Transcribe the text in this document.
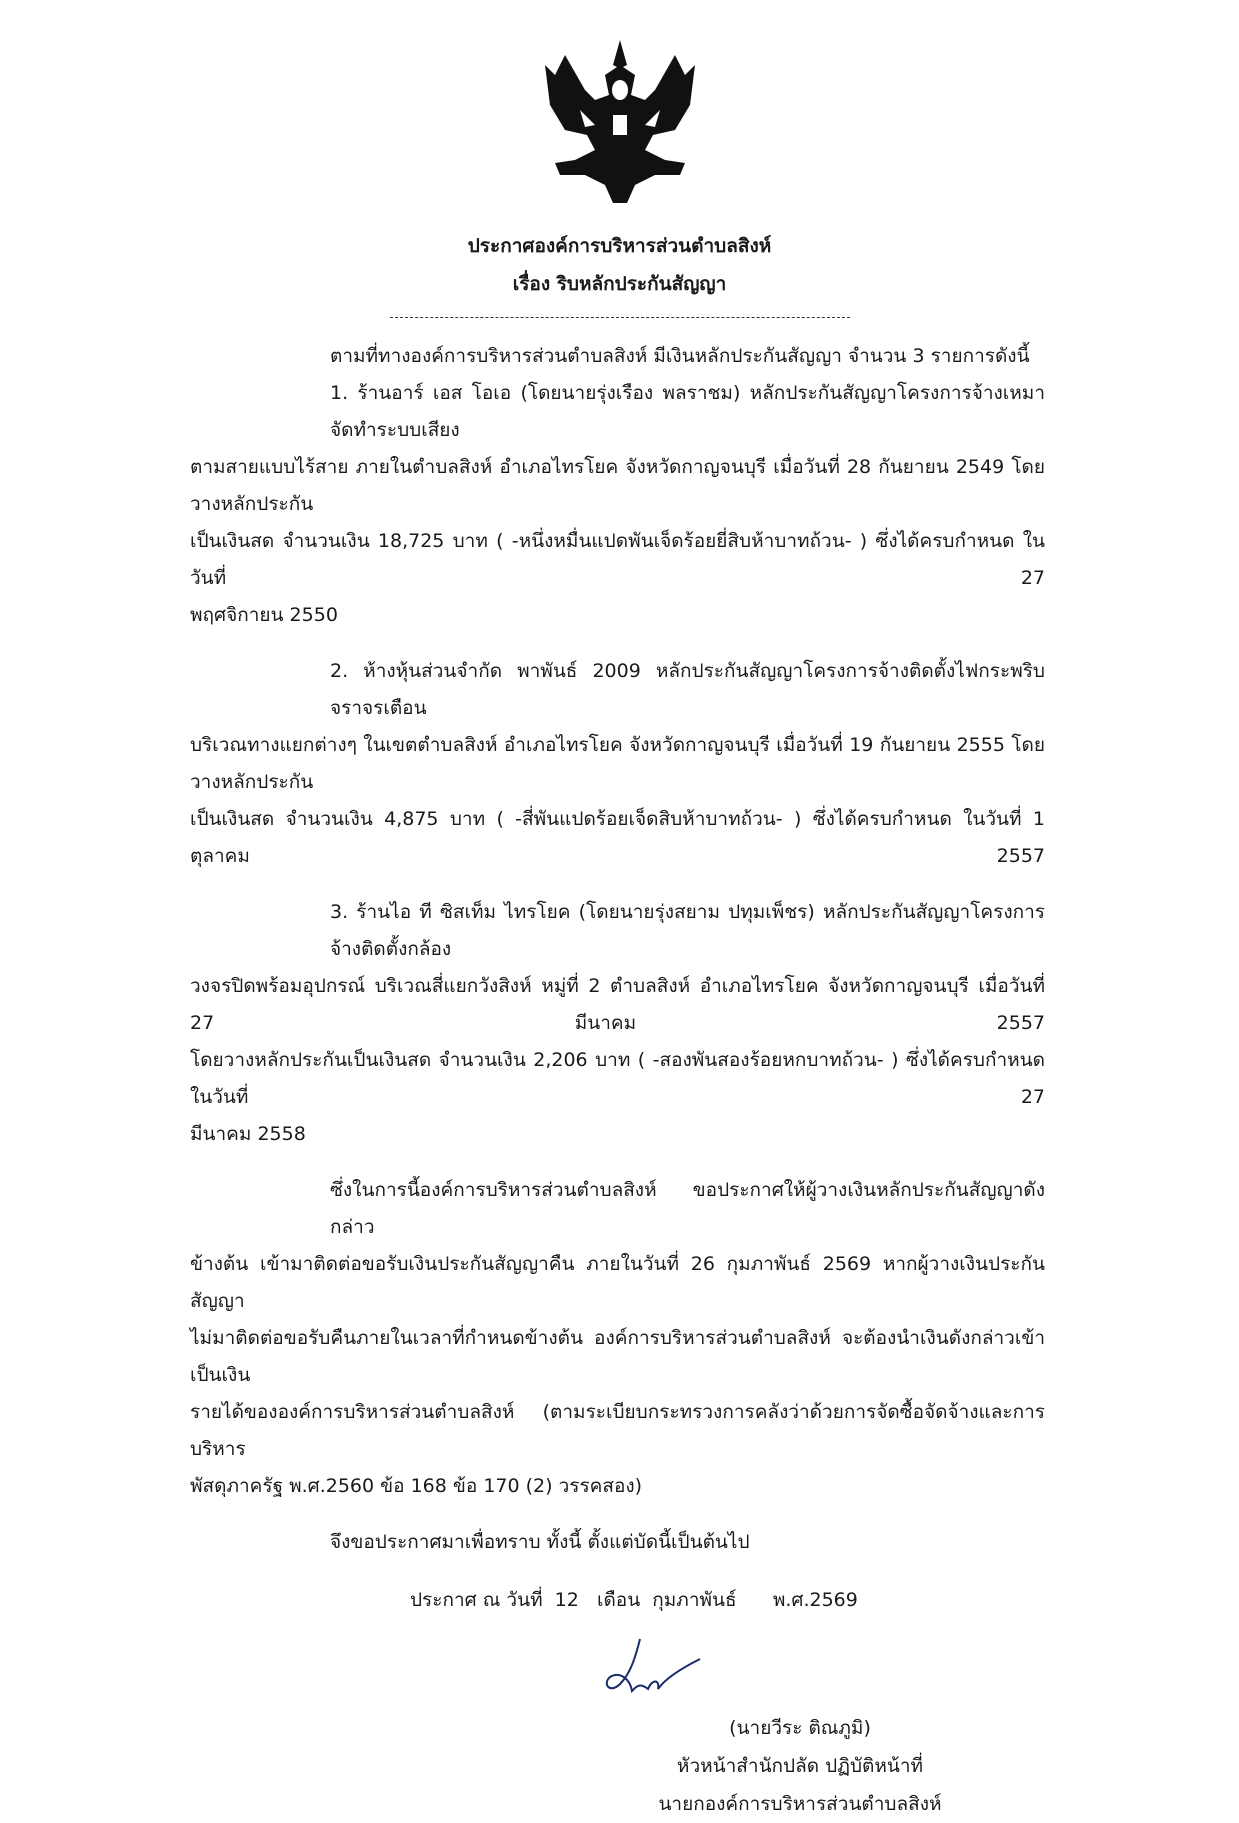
ประกาศองค์การบริหารส่วนตำบลสิงห์
เรื่อง ริบหลักประกันสัญญา
ตามที่ทางองค์การบริหารส่วนตำบลสิงห์ มีเงินหลักประกันสัญญา จำนวน 3 รายการดังนี้
1. ร้านอาร์ เอส โอเอ (โดยนายรุ่งเรือง พลราชม) หลักประกันสัญญาโครงการจ้างเหมาจัดทำระบบเสียง
ตามสายแบบไร้สาย ภายในตำบลสิงห์ อำเภอไทรโยค จังหวัดกาญจนบุรี เมื่อวันที่ 28 กันยายน 2549 โดยวางหลักประกัน
เป็นเงินสด จำนวนเงิน 18,725 บาท ( -หนึ่งหมื่นแปดพันเจ็ดร้อยยี่สิบห้าบาทถ้วน- ) ซึ่งได้ครบกำหนด ในวันที่ 27
พฤศจิกายน 2550
2. ห้างหุ้นส่วนจำกัด พาพันธ์ 2009 หลักประกันสัญญาโครงการจ้างติดตั้งไฟกระพริบจราจรเตือน
บริเวณทางแยกต่างๆ ในเขตตำบลสิงห์ อำเภอไทรโยค จังหวัดกาญจนบุรี เมื่อวันที่ 19 กันยายน 2555 โดยวางหลักประกัน
เป็นเงินสด จำนวนเงิน 4,875 บาท ( -สี่พันแปดร้อยเจ็ดสิบห้าบาทถ้วน- ) ซึ่งได้ครบกำหนด ในวันที่ 1 ตุลาคม 2557
3. ร้านไอ ที ซิสเท็ม ไทรโยค (โดยนายรุ่งสยาม ปทุมเพ็ชร) หลักประกันสัญญาโครงการจ้างติดตั้งกล้อง
วงจรปิดพร้อมอุปกรณ์ บริเวณสี่แยกวังสิงห์ หมู่ที่ 2 ตำบลสิงห์ อำเภอไทรโยค จังหวัดกาญจนบุรี เมื่อวันที่ 27 มีนาคม 2557
โดยวางหลักประกันเป็นเงินสด จำนวนเงิน 2,206 บาท ( -สองพันสองร้อยหกบาทถ้วน- ) ซึ่งได้ครบกำหนด ในวันที่ 27
มีนาคม 2558
ซึ่งในการนี้องค์การบริหารส่วนตำบลสิงห์ ขอประกาศให้ผู้วางเงินหลักประกันสัญญาดังกล่าว
ข้างต้น เข้ามาติดต่อขอรับเงินประกันสัญญาคืน ภายในวันที่ 26 กุมภาพันธ์ 2569 หากผู้วางเงินประกันสัญญา
ไม่มาติดต่อขอรับคืนภายในเวลาที่กำหนดข้างต้น องค์การบริหารส่วนตำบลสิงห์ จะต้องนำเงินดังกล่าวเข้าเป็นเงิน
รายได้ขององค์การบริหารส่วนตำบลสิงห์ (ตามระเบียบกระทรวงการคลังว่าด้วยการจัดซื้อจัดจ้างและการบริหาร
พัสดุภาครัฐ พ.ศ.2560 ข้อ 168 ข้อ 170 (2) วรรคสอง)
จึงขอประกาศมาเพื่อทราบ ทั้งนี้ ตั้งแต่บัดนี้เป็นต้นไป
ประกาศ ณ วันที่  12   เดือน  กุมภาพันธ์      พ.ศ.2569
(นายวีระ ติณภูมิ)
หัวหน้าสำนักปลัด ปฏิบัติหน้าที่
นายกองค์การบริหารส่วนตำบลสิงห์
